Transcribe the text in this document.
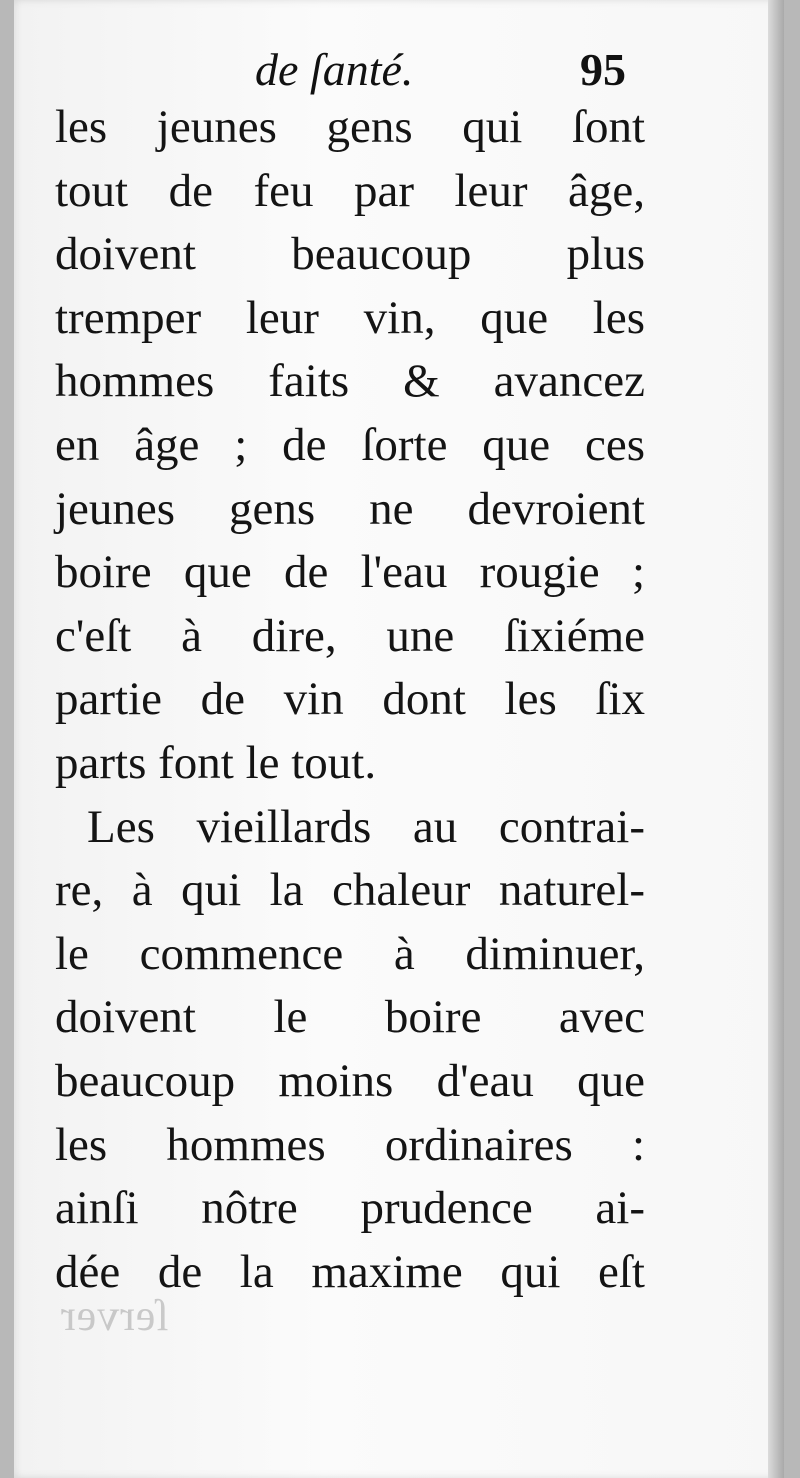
de ſanté.	95
les jeunes gens qui ſont
tout de feu par leur âge,
doivent beaucoup plus
tremper leur vin, que les
hommes faits & avancez
en âge ; de ſorte que ces
jeunes gens ne devroient
boire que de l'eau rougie ;
c'eſt à dire, une ſixiéme
partie de vin dont les ſix
parts font le tout.
Les vieillards au contrai-
re, à qui la chaleur naturel-
le commence à diminuer,
doivent le boire avec
beaucoup moins d'eau que
les hommes ordinaires :
ainſi nôtre prudence ai-
dée de la maxime qui eſt
ſerver
